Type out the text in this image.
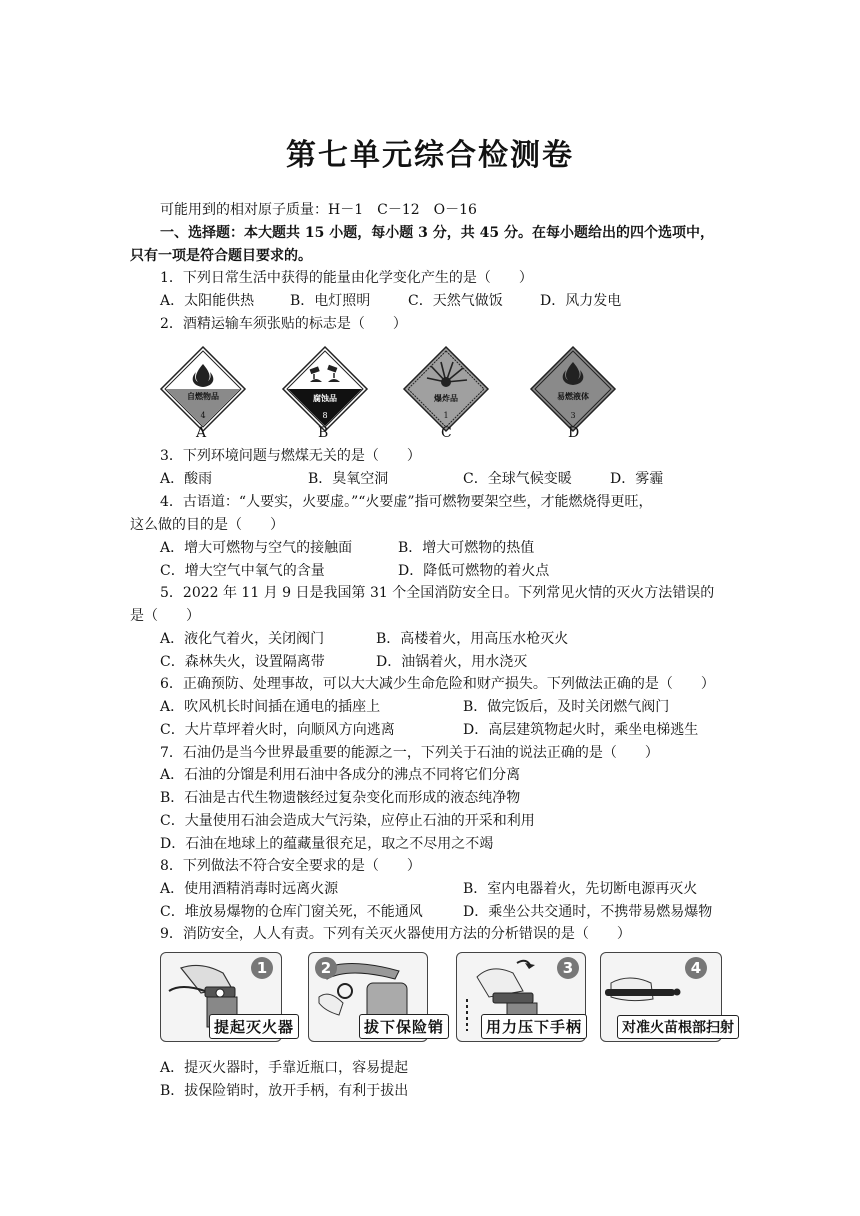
第七单元综合检测卷
可能用到的相对原子质量：H－1　C－12　O－16
一、选择题：本大题共 15 小题，每小题 3 分，共 45 分。在每小题给出的四个选项中，
只有一项是符合题目要求的。
1．下列日常生活中获得的能量由化学变化产生的是（　　）
A．太阳能供热	B．电灯照明	C．天然气做饭	D．风力发电
2．酒精运输车须张贴的标志是（　　）
自燃物品
4
腐蚀品
8
爆炸品
1
易燃液体
3
A	B	C	D
3．下列环境问题与燃煤无关的是（　　）
A．酸雨	B．臭氧空洞	C．全球气候变暖	D．雾霾
4．古语道：“人要实，火要虚。”“火要虚”指可燃物要架空些，才能燃烧得更旺，
这么做的目的是（　　）
A．增大可燃物与空气的接触面	B．增大可燃物的热值
C．增大空气中氧气的含量	D．降低可燃物的着火点
5．2022 年 11 月 9 日是我国第 31 个全国消防安全日。下列常见火情的灭火方法错误的
是（　　）
A．液化气着火，关闭阀门	B．高楼着火，用高压水枪灭火
C．森林失火，设置隔离带	D．油锅着火，用水浇灭
6．正确预防、处理事故，可以大大减少生命危险和财产损失。下列做法正确的是（　　）
A．吹风机长时间插在通电的插座上	B．做完饭后，及时关闭燃气阀门
C．大片草坪着火时，向顺风方向逃离	D．高层建筑物起火时，乘坐电梯逃生
7．石油仍是当今世界最重要的能源之一，下列关于石油的说法正确的是（　　）
A．石油的分馏是利用石油中各成分的沸点不同将它们分离
B．石油是古代生物遗骸经过复杂变化而形成的液态纯净物
C．大量使用石油会造成大气污染，应停止石油的开采和利用
D．石油在地球上的蕴藏量很充足，取之不尽用之不竭
8．下列做法不符合安全要求的是（　　）
A．使用酒精消毒时远离火源	B．室内电器着火，先切断电源再灭火
C．堆放易爆物的仓库门窗关死，不能通风	D．乘坐公共交通时，不携带易燃易爆物
9．消防安全，人人有责。下列有关灭火器使用方法的分析错误的是（　　）
1
提起灭火器
2
拔下保险销
3
用力压下手柄
4
对准火苗根部扫射
A．提灭火器时，手靠近瓶口，容易提起
B．拔保险销时，放开手柄，有利于拔出
